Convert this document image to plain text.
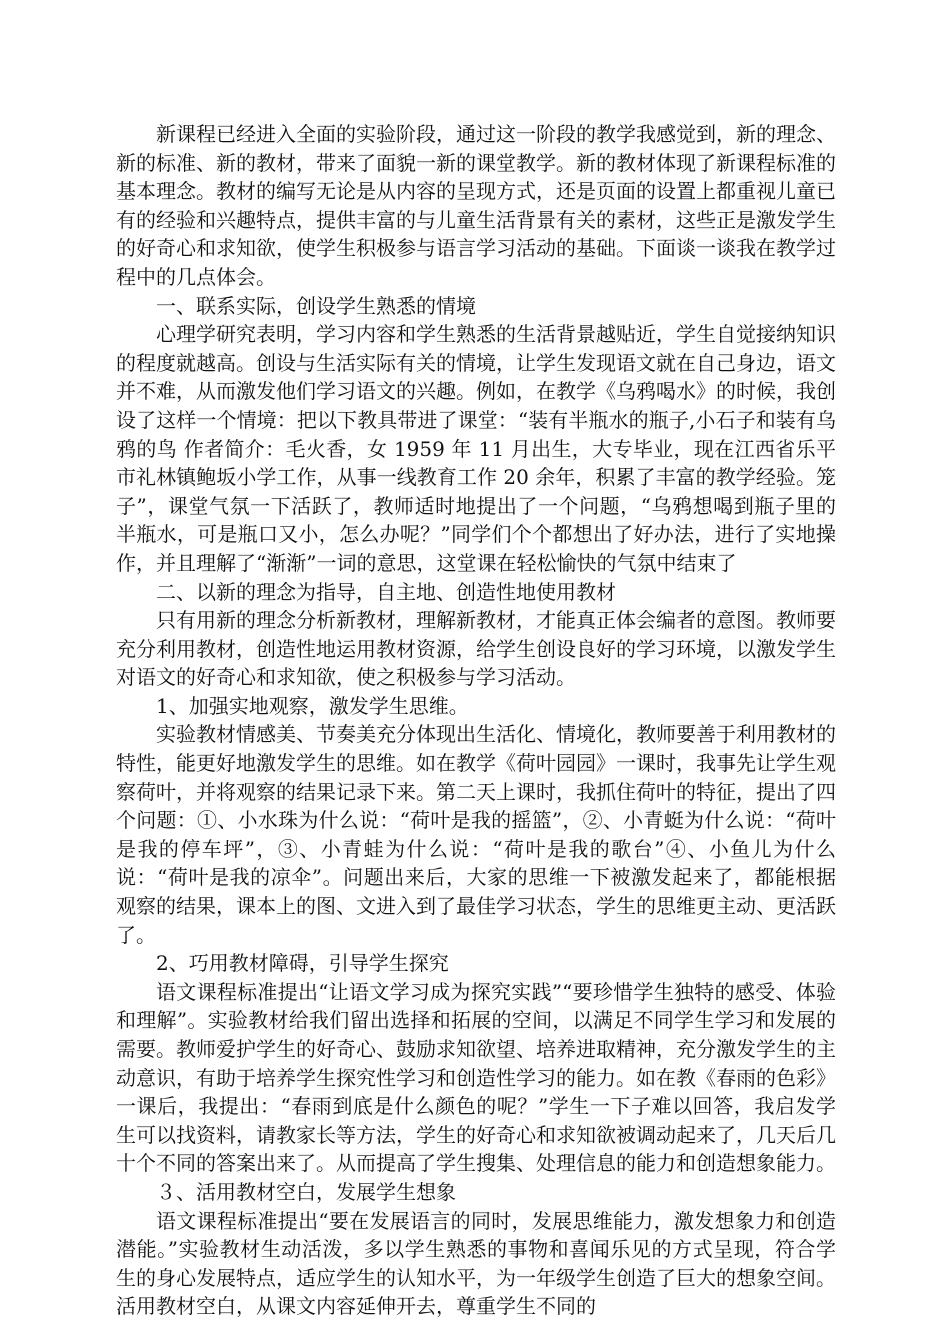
新课程已经进入全面的实验阶段，通过这一阶段的教学我感觉到，新的理念、新的标准、新的教材，带来了面貌一新的课堂教学。新的教材体现了新课程标准的基本理念。教材的编写无论是从内容的呈现方式，还是页面的设置上都重视儿童已有的经验和兴趣特点，提供丰富的与儿童生活背景有关的素材，这些正是激发学生的好奇心和求知欲，使学生积极参与语言学习活动的基础。下面谈一谈我在教学过程中的几点体会。

一、联系实际，创设学生熟悉的情境

心理学研究表明，学习内容和学生熟悉的生活背景越贴近，学生自觉接纳知识的程度就越高。创设与生活实际有关的情境，让学生发现语文就在自己身边，语文并不难，从而激发他们学习语文的兴趣。例如，在教学《乌鸦喝水》的时候，我创设了这样一个情境：把以下教具带进了课堂：“装有半瓶水的瓶子,小石子和装有乌鸦的鸟 作者简介：毛火香，女 1959 年 11 月出生，大专毕业，现在江西省乐平市礼林镇鲍坂小学工作，从事一线教育工作 20 余年，积累了丰富的教学经验。笼子”，课堂气氛一下活跃了，教师适时地提出了一个问题，“乌鸦想喝到瓶子里的半瓶水，可是瓶口又小，怎么办呢？”同学们个个都想出了好办法，进行了实地操作，并且理解了“渐渐”一词的意思，这堂课在轻松愉快的气氛中结束了

二、以新的理念为指导，自主地、创造性地使用教材

只有用新的理念分析新教材，理解新教材，才能真正体会编者的意图。教师要充分利用教材，创造性地运用教材资源，给学生创设良好的学习环境，以激发学生对语文的好奇心和求知欲，使之积极参与学习活动。

1、加强实地观察，激发学生思维。

实验教材情感美、节奏美充分体现出生活化、情境化，教师要善于利用教材的特性，能更好地激发学生的思维。如在教学《荷叶园园》一课时，我事先让学生观察荷叶，并将观察的结果记录下来。第二天上课时，我抓住荷叶的特征，提出了四个问题：①、小水珠为什么说：“荷叶是我的摇篮”，②、小青蜓为什么说：“荷叶是我的停车坪”，③、小青蛙为什么说：“荷叶是我的歌台”④、小鱼儿为什么说：“荷叶是我的凉伞”。问题出来后，大家的思维一下被激发起来了，都能根据观察的结果，课本上的图、文进入到了最佳学习状态，学生的思维更主动、更活跃了。

2、巧用教材障碍，引导学生探究

语文课程标准提出“让语文学习成为探究实践”“要珍惜学生独特的感受、体验和理解”。实验教材给我们留出选择和拓展的空间，以满足不同学生学习和发展的需要。教师爱护学生的好奇心、鼓励求知欲望、培养进取精神，充分激发学生的主动意识，有助于培养学生探究性学习和创造性学习的能力。如在教《春雨的色彩》一课后，我提出：“春雨到底是什么颜色的呢？”学生一下子难以回答，我启发学生可以找资料，请教家长等方法，学生的好奇心和求知欲被调动起来了，几天后几十个不同的答案出来了。从而提高了学生搜集、处理信息的能力和创造想象能力。

３、活用教材空白，发展学生想象

语文课程标准提出“要在发展语言的同时，发展思维能力，激发想象力和创造潜能。”实验教材生动活泼，多以学生熟悉的事物和喜闻乐见的方式呈现，符合学生的身心发展特点，适应学生的认知水平，为一年级学生创造了巨大的想象空间。活用教材空白，从课文内容延伸开去，尊重学生不同的
